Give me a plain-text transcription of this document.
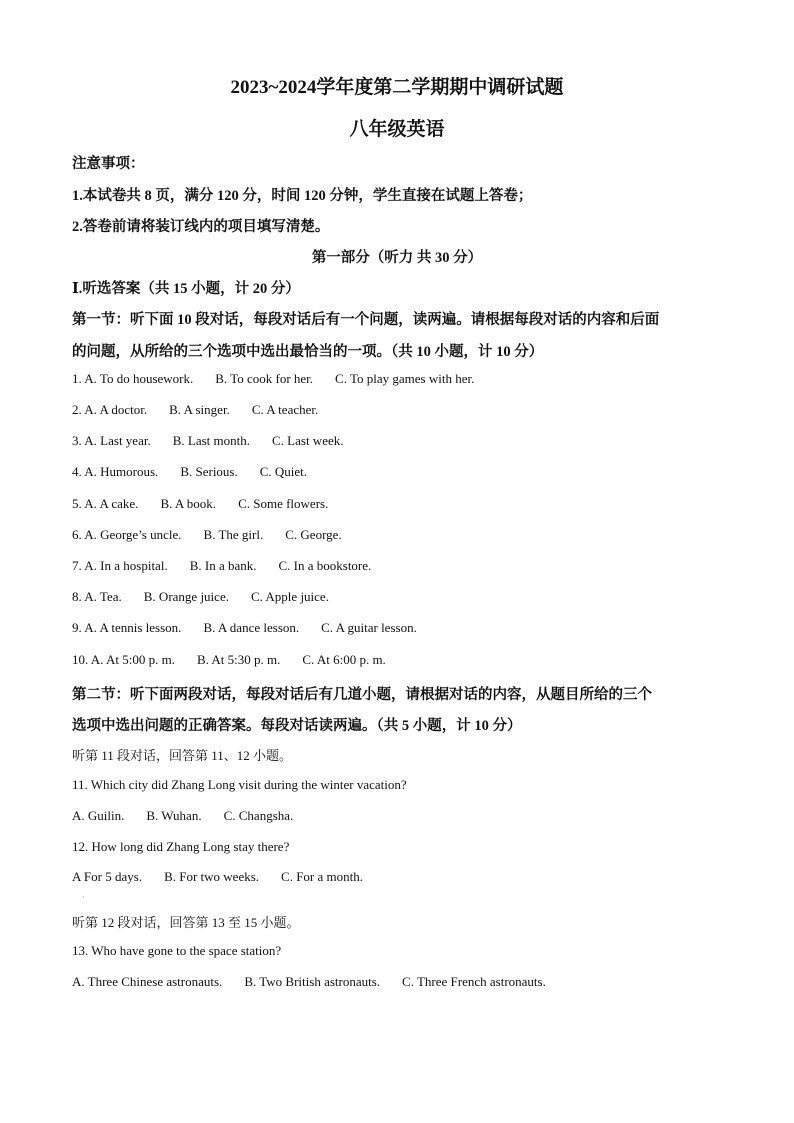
2023~2024学年度第二学期期中调研试题
八年级英语
注意事项：
1.本试卷共 8 页，满分 120 分，时间 120 分钟，学生直接在试题上答卷；
2.答卷前请将装订线内的项目填写清楚。
第一部分（听力 共 30 分）
Ⅰ.听选答案（共 15 小题，计 20 分）
第一节：听下面 10 段对话，每段对话后有一个问题，读两遍。请根据每段对话的内容和后面
的问题，从所给的三个选项中选出最恰当的一项。（共 10 小题，计 10 分）
1. A. To do housework. B. To cook for her. C. To play games with her.
2. A. A doctor. B. A singer. C. A teacher.
3. A. Last year. B. Last month. C. Last week.
4. A. Humorous. B. Serious. C. Quiet.
5. A. A cake. B. A book. C. Some flowers.
6. A. George’s uncle. B. The girl. C. George.
7. A. In a hospital. B. In a bank. C. In a bookstore.
8. A. Tea. B. Orange juice. C. Apple juice.
9. A. A tennis lesson. B. A dance lesson. C. A guitar lesson.
10. A. At 5:00 p. m. B. At 5:30 p. m. C. At 6:00 p. m.
第二节：听下面两段对话，每段对话后有几道小题，请根据对话的内容，从题目所给的三个
选项中选出问题的正确答案。每段对话读两遍。（共 5 小题，计 10 分）
听第 11 段对话，回答第 11、12 小题。
11. Which city did Zhang Long visit during the winter vacation?
A. Guilin. B. Wuhan. C. Changsha.
12. How long did Zhang Long stay there?
A For 5 days. B. For two weeks. C. For a month.
·
听第 12 段对话，回答第 13 至 15 小题。
13. Who have gone to the space station?
A. Three Chinese astronauts. B. Two British astronauts. C. Three French astronauts.
